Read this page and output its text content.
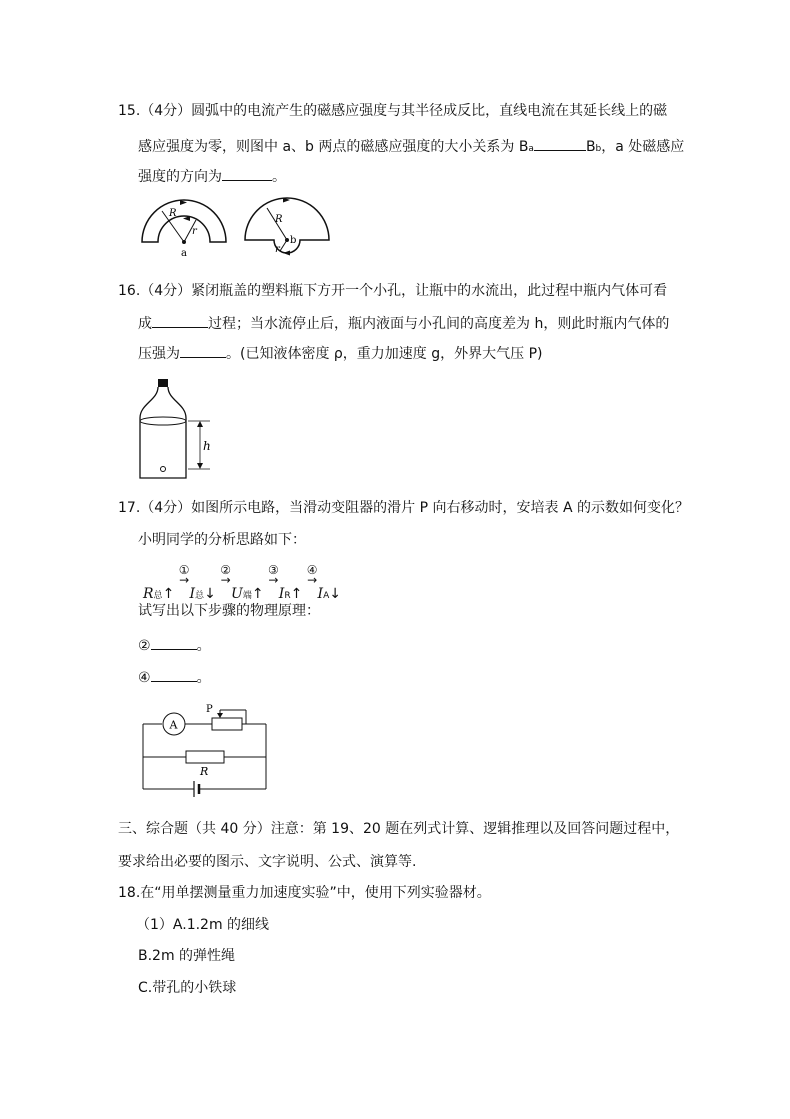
15.（4分）圆弧中的电流产生的磁感应强度与其半径成反比，直线电流在其延长线上的磁
感应强度为零，则图中 a、b 两点的磁感应强度的大小关系为 Ba	Bb，a 处磁感应
强度的方向为	。
R
r
a
R
r
b
16.（4分）紧闭瓶盖的塑料瓶下方开一个小孔，让瓶中的水流出，此过程中瓶内气体可看
成	过程；当水流停止后，瓶内液面与小孔间的高度差为 h，则此时瓶内气体的
压强为	。(已知液体密度 ρ，重力加速度 g，外界大气压 P)
h
17.（4分）如图所示电路，当滑动变阻器的滑片 P 向右移动时，安培表 A 的示数如何变化？
小明同学的分析思路如下：
R总↑ ①
→I总↓ ②
→U端↑ ③
→IR↑ ④
→IA↓
试写出以下步骤的物理原理：
②	。
④	。
A
P
R
三、综合题（共 40 分）注意：第 19、20 题在列式计算、逻辑推理以及回答问题过程中，
要求给出必要的图示、文字说明、公式、演算等.
18.在“用单摆测量重力加速度实验”中，使用下列实验器材。
（1）A.1.2m 的细线
B.2m 的弹性绳
C.带孔的小铁球
